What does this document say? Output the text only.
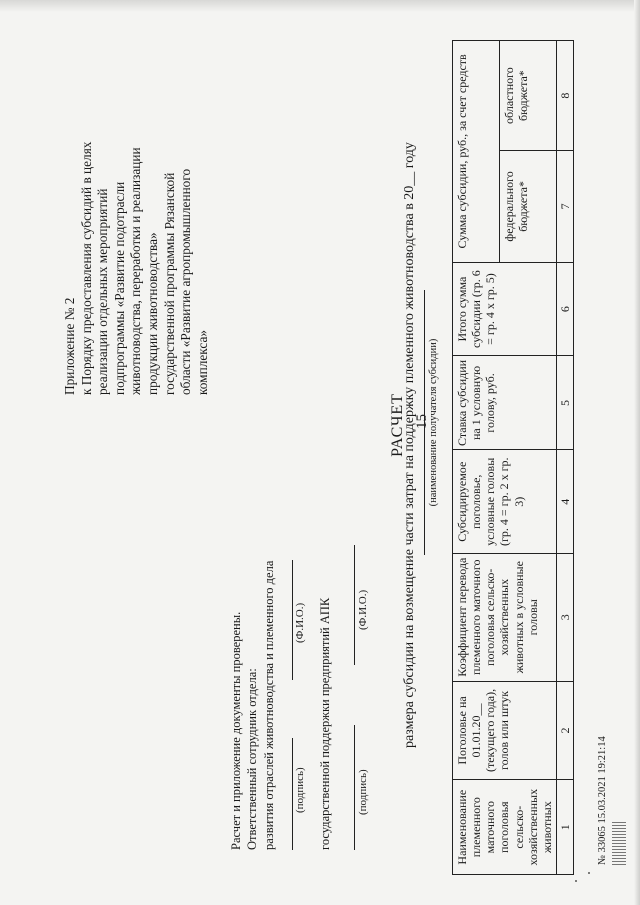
15
Приложение № 2 к Порядку предоставления субсидий в целях реализации отдельных мероприятий подпрограммы «Развитие подотрасли животноводства, переработки и реализации продукции животноводства» государственной программы Рязанской области «Развитие агропромышленного комплекса»
Расчет и приложение документы проверены. Ответственный сотрудник отдела: развития отраслей животноводства и племенного дела (подпись)
(Ф.И.О.) государственной поддержки предприятий АПК (подпись)
(Ф.И.О.)
РАСЧЕТ
размера субсидии на возмещение части затрат на поддержку племенного животноводства в 20__ году (наименование получателя субсидии)
Наименование племенного маточного поголовья сельско-хозяйственных животных	Поголовье на 01.01.20__ (текущего года), голов или штук	Коэффициент перевода племенного маточного поголовья сельско-хозяйственных животных в условные головы	Субсидируемое поголовье, условные головы (гр. 4 = гр. 2 х гр. 3)	Ставка субсидии на 1 условную голову, руб.	Итого сумма субсидии (гр. 6 = гр. 4 х гр. 5)	Сумма субсидии, руб., за счет средств	
						федерального бюджета*	областного бюджета*
1	2	3	4	5	6	7	8
№ 33065 15.03.2021 19:21:14
